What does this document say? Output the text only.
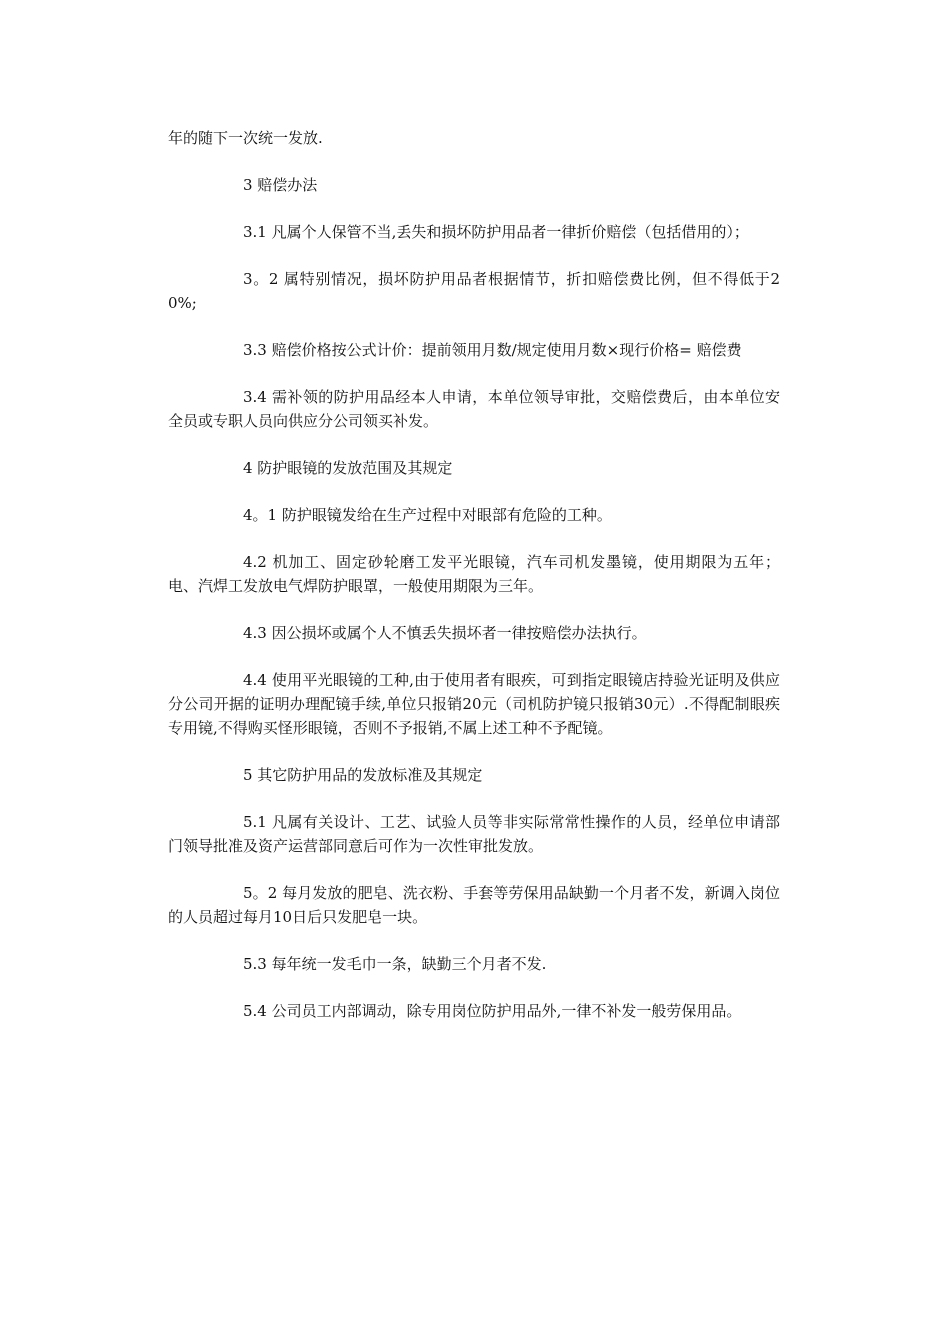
年的随下一次统一发放.

3 赔偿办法

3.1 凡属个人保管不当,丢失和损坏防护用品者一律折价赔偿（包括借用的）；

3。2 属特别情况，损坏防护用品者根据情节，折扣赔偿费比例，但不得低于20%;

3.3 赔偿价格按公式计价：提前领用月数/规定使用月数×现行价格= 赔偿费

3.4 需补领的防护用品经本人申请，本单位领导审批，交赔偿费后，由本单位安全员或专职人员向供应分公司领买补发。

4 防护眼镜的发放范围及其规定

4。1 防护眼镜发给在生产过程中对眼部有危险的工种。

4.2 机加工、固定砂轮磨工发平光眼镜，汽车司机发墨镜，使用期限为五年；电、汽焊工发放电气焊防护眼罩，一般使用期限为三年。

4.3 因公损坏或属个人不慎丢失损坏者一律按赔偿办法执行。

4.4 使用平光眼镜的工种,由于使用者有眼疾，可到指定眼镜店持验光证明及供应分公司开据的证明办理配镜手续,单位只报销20元（司机防护镜只报销30元）.不得配制眼疾专用镜,不得购买怪形眼镜，否则不予报销,不属上述工种不予配镜。

5 其它防护用品的发放标准及其规定

5.1 凡属有关设计、工艺、试验人员等非实际常常性操作的人员，经单位申请部门领导批准及资产运营部同意后可作为一次性审批发放。

5。2 每月发放的肥皂、洗衣粉、手套等劳保用品缺勤一个月者不发，新调入岗位的人员超过每月10日后只发肥皂一块。

5.3 每年统一发毛巾一条，缺勤三个月者不发.

5.4 公司员工内部调动，除专用岗位防护用品外,一律不补发一般劳保用品。
